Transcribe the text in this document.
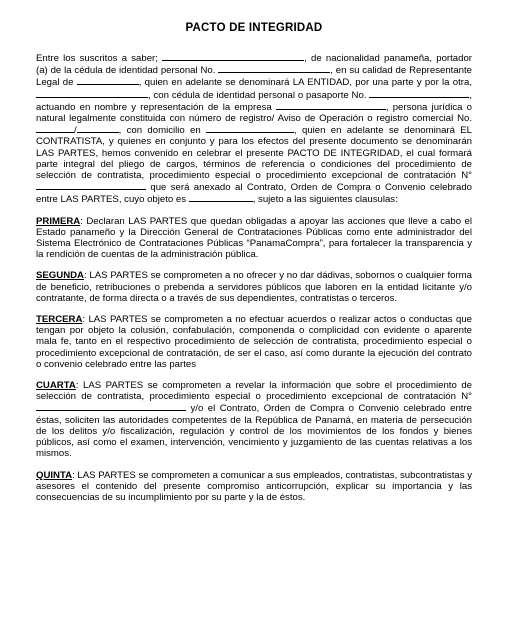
PACTO DE INTEGRIDAD

Entre los suscritos a saber;	, de nacionalidad panameña, portador (a) de la cédula de identidad personal No.	, en su calidad de Representante Legal de	, quien en adelante se denominará LA ENTIDAD, por una parte y por la otra, , con cédula de identidad personal o pasaporte No.	, actuando en nombre y representación de la empresa	, persona jurídica o natural legalmente constituida con número de registro/ Aviso de Operación o registro comercial No. /	, con domicilio en	, quien en adelante se denominará EL CONTRATISTA, y quienes en conjunto y para los efectos del presente documento se denominarán LAS PARTES, hemos convenido en celebrar el presente PACTO DE INTEGRIDAD, el cual formará parte integral del pliego de cargos, términos de referencia o condiciones del procedimiento de selección de contratista, procedimiento especial o procedimiento excepcional de contratación N°  que será anexado al Contrato, Orden de Compra o Convenio celebrado entre LAS PARTES, cuyo objeto es	, sujeto a las siguientes clausulas:

PRIMERA: Declaran LAS PARTES que quedan obligadas a apoyar las acciones que lleve a cabo el Estado panameño y la Dirección General de Contrataciones Públicas como ente administrador del Sistema Electrónico de Contrataciones Públicas “PanamaCompra”, para fortalecer la transparencia y la rendición de cuentas de la administración pública.

SEGUNDA: LAS PARTES se comprometen a no ofrecer y no dar dádivas, sobornos o cualquier forma de beneficio, retribuciones o prebenda a servidores públicos que laboren en la entidad licitante y/o contratante, de forma directa o a través de sus dependientes, contratistas o terceros.

TERCERA: LAS PARTES se comprometen a no efectuar acuerdos o realizar actos o conductas que tengan por objeto la colusión, confabulación, componenda o complicidad con evidente o aparente mala fe, tanto en el respectivo procedimiento de selección de contratista, procedimiento especial o procedimiento excepcional de contratación, de ser el caso, así como durante la ejecución del contrato o convenio celebrado entre las partes

CUARTA: LAS PARTES se comprometen a revelar la información que sobre el procedimiento de selección de contratista, procedimiento especial o procedimiento excepcional de contratación N°  y/o el Contrato, Orden de Compra o Convenio celebrado entre éstas, soliciten las autoridades competentes de la República de Panamá, en materia de persecución de los delitos y/o fiscalización, regulación y control de los movimientos de los fondos y bienes públicos, así como el examen, intervención, vencimiento y juzgamiento de las cuentas relativas a los mismos.

QUINTA: LAS PARTES se comprometen a comunicar a sus empleados, contratistas, subcontratistas y asesores el contenido del presente compromiso anticorrupción, explicar su importancia y las consecuencias de su incumplimiento por su parte y la de éstos.
